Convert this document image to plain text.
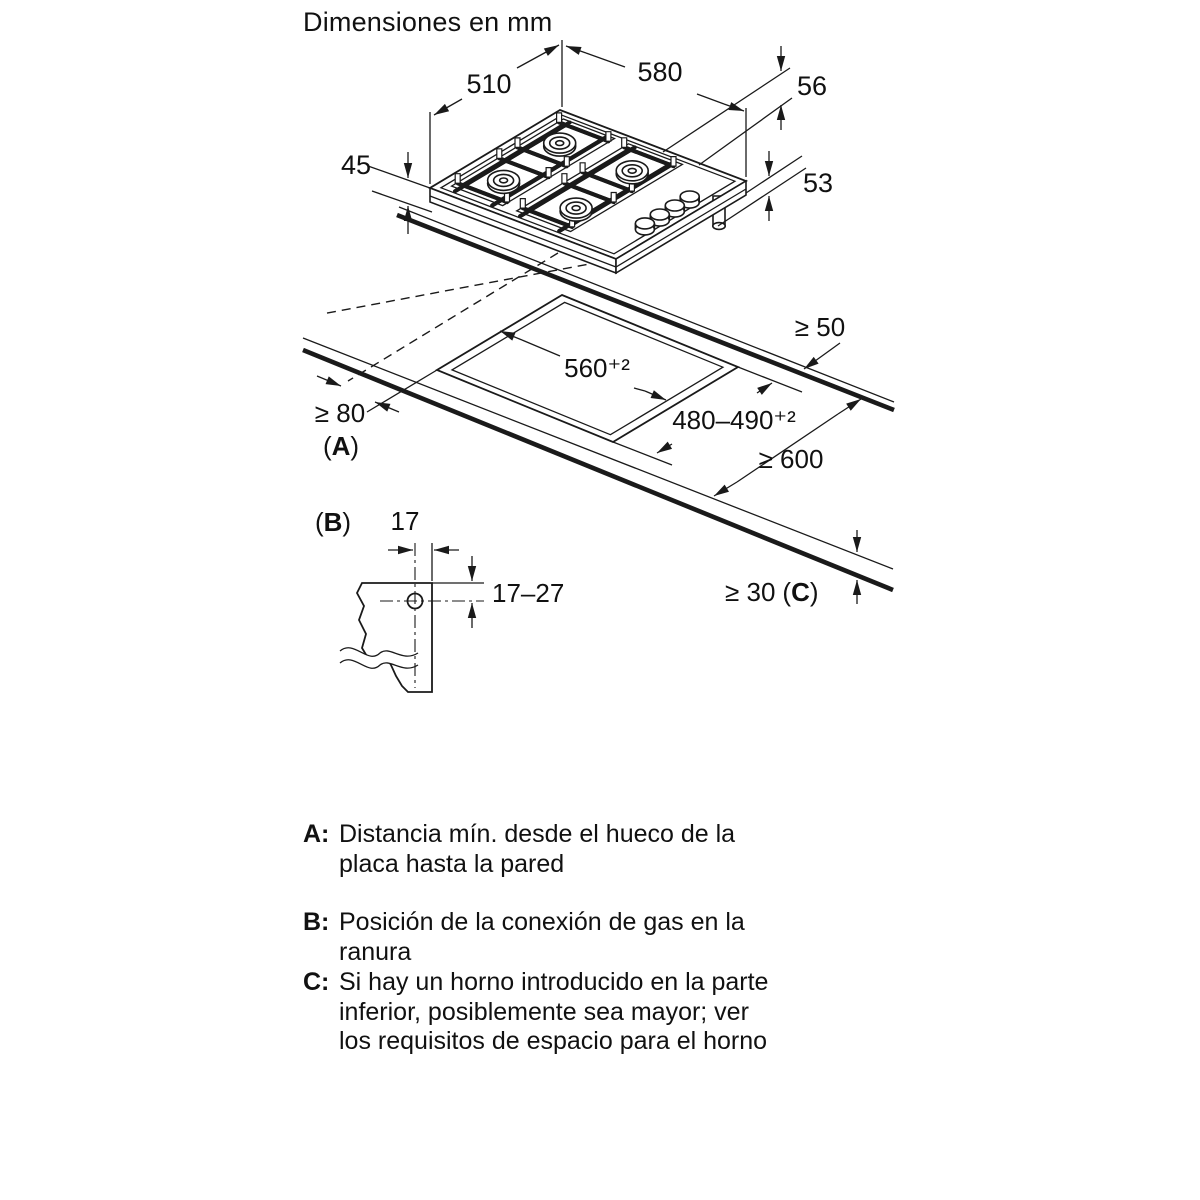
Dimensiones en mm
510	580	56
53
45
560⁺²
480–490⁺²
≥ 50
≥ 80
(A)	≥ 600
(B) 17
17–27	≥ 30 (C)
A: Distancia mín. desde el hueco de la placa hasta la pared
B: Posición de la conexión de gas en la ranura
C: Si hay un horno introducido en la parte inferior, posiblemente sea mayor; ver los requisitos de espacio para el horno
